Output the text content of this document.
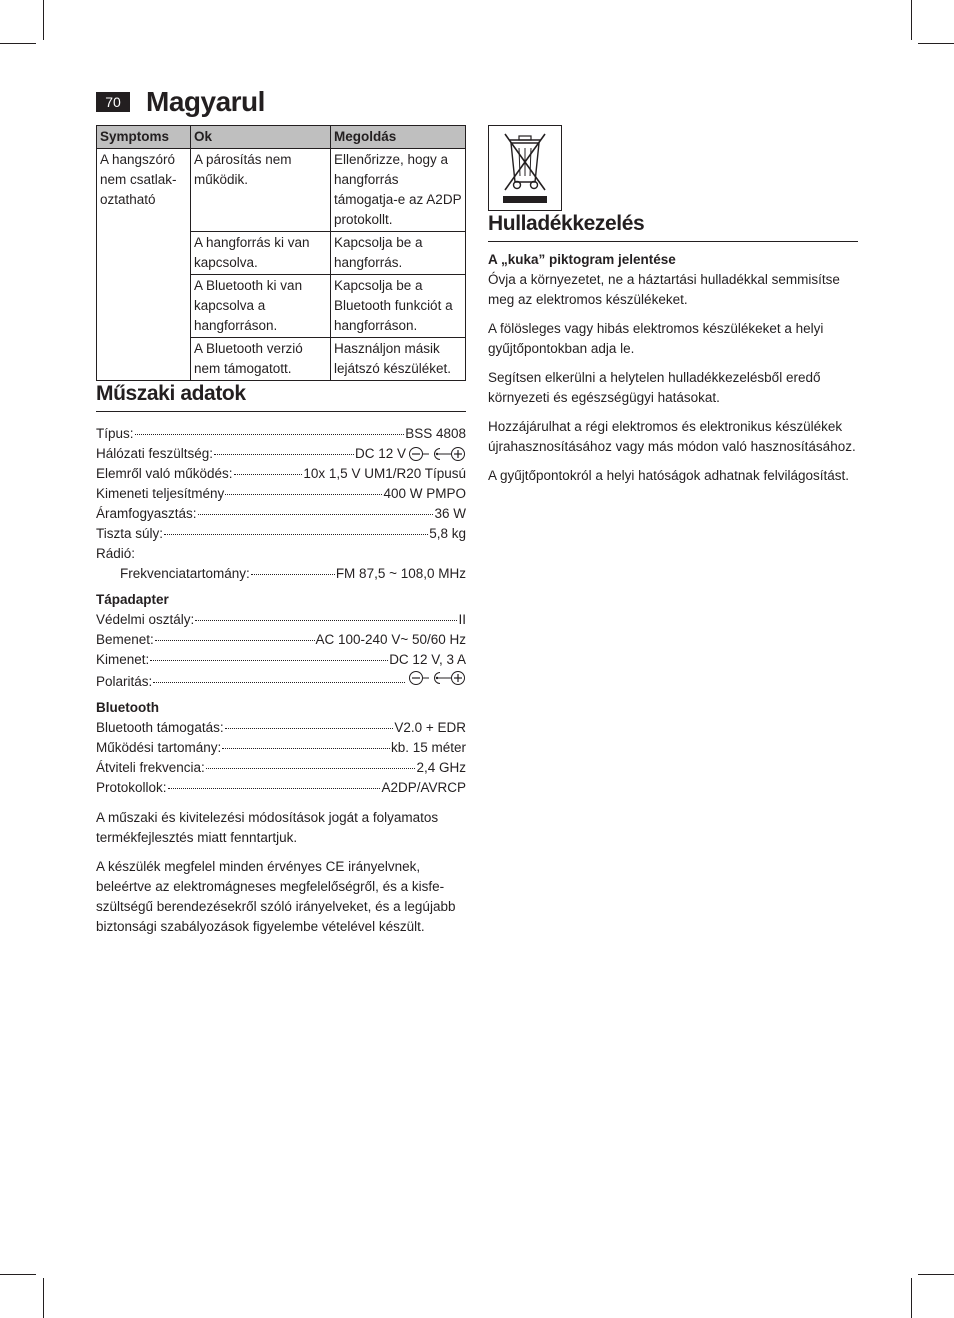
70 Magyarul
Symptoms	Ok	Megoldás
A hangszóró nem csatlak-oztatható	A párosítás nem működik.	Ellenőrizze, hogy a hangforrás támogatja-e az A2DP protokollt.
	A hangforrás ki van kapcsolva.	Kapcsolja be a hangforrás.
	A Bluetooth ki van kapcsolva a hangforráson.	Kapcsolja be a Bluetooth funkciót a hangforráson.
	A Bluetooth verzió nem támogatott.	Használjon másik lejátszó készüléket.
Műszaki adatok
Típus:	BSS 4808
Hálózati feszültség:	DC 12 V
Elemről való működés:	10x 1,5 V UM1/R20 Típusú
Kimeneti teljesítmény	400 W PMPO
Áramfogyasztás:	36 W
Tiszta súly:	5,8 kg
Rádió:
Frekvenciatartomány:	FM 87,5 ~ 108,0 MHz
Tápadapter
Védelmi osztály:	II
Bemenet:	AC 100-240 V~ 50/60 Hz
Kimenet:	DC 12 V, 3 A
Polaritás:
Bluetooth
Bluetooth támogatás:	V2.0 + EDR
Működési tartomány:	kb. 15 méter
Átviteli frekvencia:	2,4 GHz
Protokollok:	A2DP/AVRCP

A műszaki és kivitelezési módosítások jogát a folyamatos termékfejlesztés miatt fenntartjuk.

A készülék megfelel minden érvényes CE irányelvnek, beleértve az elektromágneses megfelelőségről, és a kisfe-szültségű berendezésekről szóló irányelveket, és a legújabb biztonsági szabályozások figyelembe vételével készült.

Hulladékkezelés
A „kuka” piktogram jelentése

Óvja a környezetet, ne a háztartási hulladékkal semmisítse meg az elektromos készülékeket.

A fölösleges vagy hibás elektromos készülékeket a helyi gyűjtőpontokban adja le.

Segítsen elkerülni a helytelen hulladékkezelésből eredő környezeti és egészségügyi hatásokat.

Hozzájárulhat a régi elektromos és elektronikus készülékek újrahasznosításához vagy más módon való hasznosításához.

A gyűjtőpontokról a helyi hatóságok adhatnak felvilágosítást.
